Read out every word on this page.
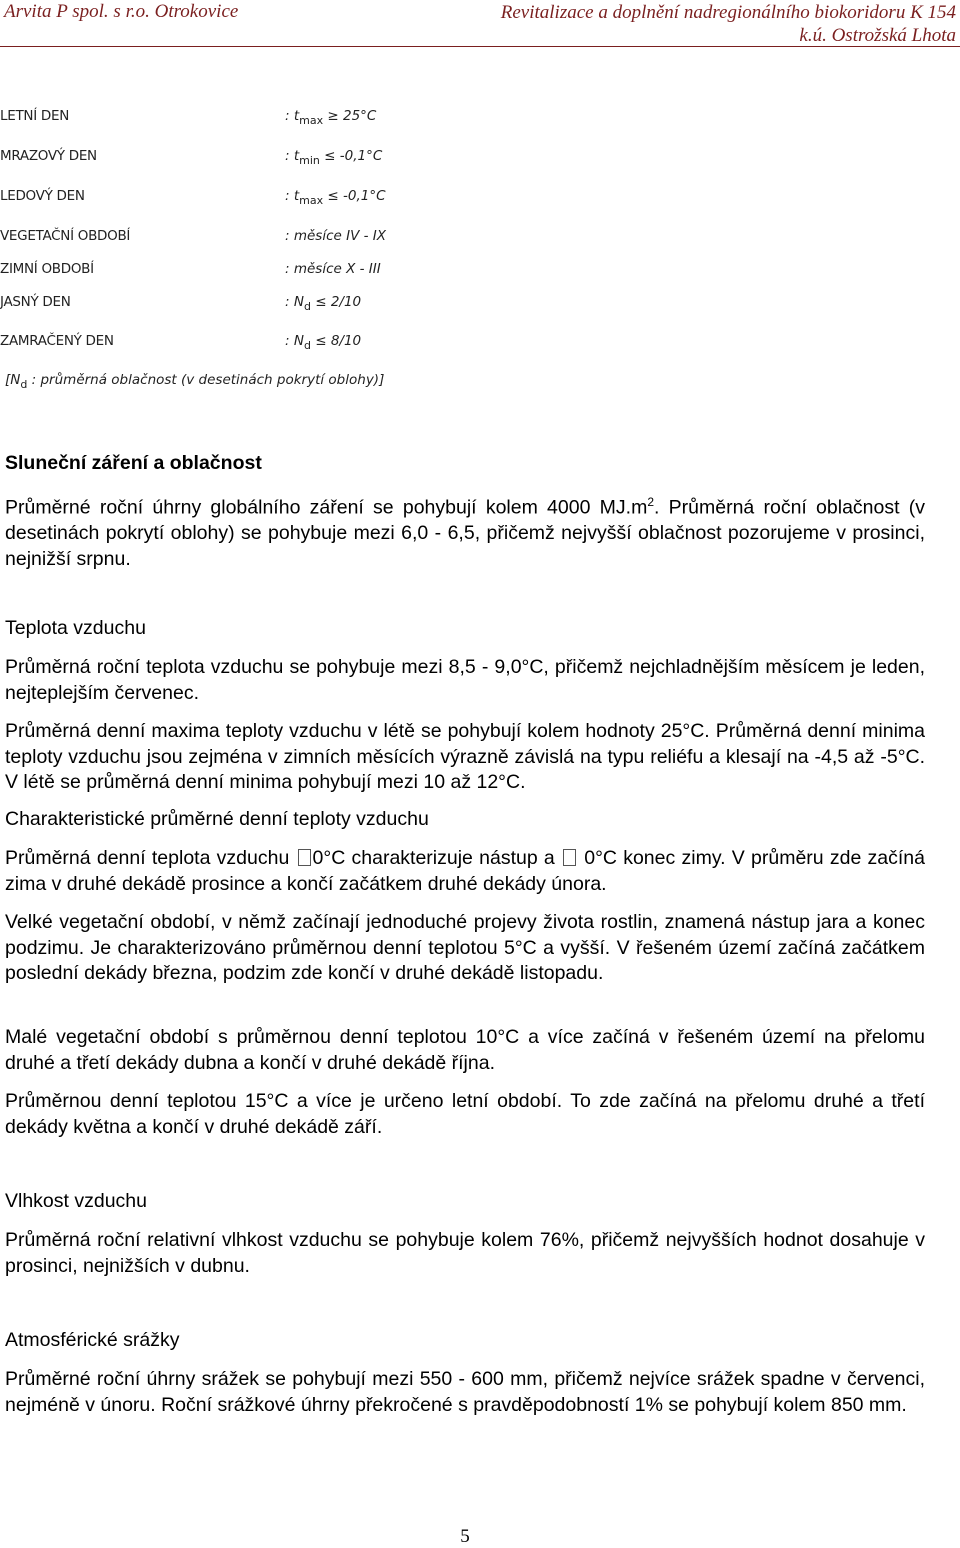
Arvita P spol. s r.o. Otrokovice	Revitalizace a doplnění nadregionálního biokoridoru K 154
k.ú. Ostrožská Lhota
LETNÍ DEN	: $t_{max} \ge 25^\circ C$
MRAZOVÝ DEN	: $t_{min} \le -0,1^\circ C$
LEDOVÝ DEN	: $t_{max} \le -0,1^\circ C$
VEGETAČNÍ OBDOBÍ	: měsíce IV - IX
ZIMNÍ OBDOBÍ	: měsíce X - III
JASNÝ DEN	: $N_d \le 2/10$
ZAMRAČENÝ DEN	: $N_d \le 8/10$
[$N_d$ : průměrná oblačnost (v desetinách pokrytí oblohy)]
Sluneční záření a oblačnost
Průměrné roční úhrny globálního záření se pohybují kolem 4000 $MJ.m^2$. Průměrná roční oblačnost (v desetinách pokrytí oblohy) se pohybuje mezi 6,0 - 6,5, přičemž nejvyšší oblačnost pozorujeme v prosinci, nejnižší srpnu.
Teplota vzduchu
Průměrná roční teplota vzduchu se pohybuje mezi 8,5 - 9,0°C, přičemž nejchladnějším měsícem je leden, nejteplejším červenec.
Průměrná denní maxima teploty vzduchu v létě se pohybují kolem hodnoty 25°C. Průměrná denní minima teploty vzduchu jsou zejména v zimních měsících výrazně závislá na typu reliéfu a klesají na -4,5 až -5°C. V létě se průměrná denní minima pohybují mezi 10 až 12°C.
Charakteristické průměrné denní teploty vzduchu
Průměrná denní teplota vzduchu 0°C charakterizuje nástup a  0°C konec zimy. V průměru zde začíná zima v druhé dekádě prosince a končí začátkem druhé dekády února.
Velké vegetační období, v němž začínají jednoduché projevy života rostlin, znamená nástup jara a konec podzimu. Je charakterizováno průměrnou denní teplotou 5°C a vyšší. V řešeném území začíná začátkem poslední dekády března, podzim zde končí v druhé dekádě listopadu.
Malé vegetační období s průměrnou denní teplotou 10°C a více začíná v řešeném území na přelomu druhé a třetí dekády dubna a končí v druhé dekádě října.
Průměrnou denní teplotou 15°C a více je určeno letní období. To zde začíná na přelomu druhé a třetí dekády května a končí v druhé dekádě září.
Vlhkost vzduchu
Průměrná roční relativní vlhkost vzduchu se pohybuje kolem 76%, přičemž nejvyšších hodnot dosahuje v prosinci, nejnižších v dubnu.
Atmosférické srážky
Průměrné roční úhrny srážek se pohybují mezi 550 - 600 mm, přičemž nejvíce srážek spadne v červenci, nejméně v únoru. Roční srážkové úhrny překročené s pravděpodobností 1% se pohybují kolem 850 mm.
5
